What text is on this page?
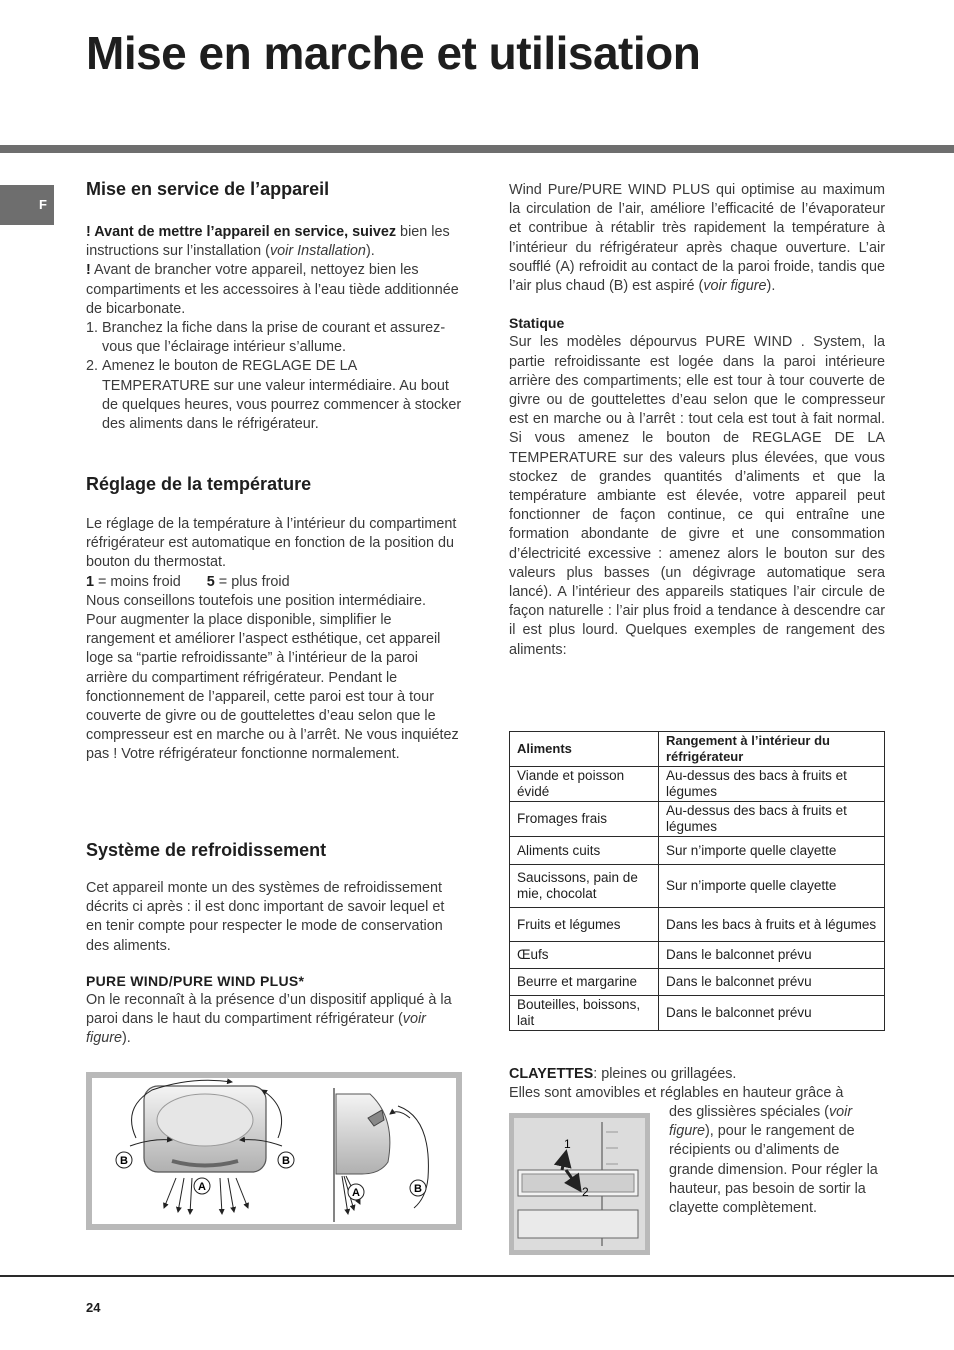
Mise en marche et utilisation
F
Mise en service de l’appareil

! Avant de mettre l’appareil en service, suivez bien les instructions sur l’installation (voir Installation).

! Avant de brancher votre appareil, nettoyez bien les compartiments et les accessoires à l’eau tiède additionnée de bicarbonate.

1. Branchez la fiche dans la prise de courant et assurez-vous que l’éclairage intérieur s’allume.
2. Amenez le bouton de REGLAGE DE LA TEMPERATURE sur une valeur intermédiaire. Au bout de quelques heures, vous pourrez commencer à stocker des aliments dans le réfrigérateur.
Réglage de la température

Le réglage de la température à l’intérieur du compartiment réfrigérateur est automatique en fonction de la position du bouton du thermostat.

1 = moins froid 5 = plus froid

Nous conseillons toutefois une position intermédiaire.

Pour augmenter la place disponible, simplifier le rangement et améliorer l’aspect esthétique, cet appareil loge sa “partie refroidissante” à l’intérieur de la paroi arrière du compartiment réfrigérateur. Pendant le fonctionnement de l’appareil, cette paroi est tour à tour couverte de givre ou de gouttelettes d’eau selon que le compresseur est en marche ou à l’arrêt. Ne vous inquiétez pas ! Votre réfrigérateur fonctionne normalement.

Système de refroidissement

Cet appareil monte un des systèmes de refroidissement décrits ci après : il est donc important de savoir lequel et en tenir compte pour respecter le mode de conservation des aliments.

PURE WIND/PURE WIND PLUS*

On le reconnaît à la présence d’un dispositif appliqué à la paroi dans le haut du compartiment réfrigérateur (voir figure).

B	B
A	A	B

Wind Pure/PURE WIND PLUS qui optimise au maximum la circulation de l’air, améliore l’efficacité de l’évaporateur et contribue à rétablir très rapidement la température à l’intérieur du réfrigérateur après chaque ouverture. L’air soufflé (A) refroidit au contact de la paroi froide, tandis que l’air plus chaud (B) est aspiré (voir figure).

Statique

Sur les modèles dépourvus PURE WIND . System, la partie refroidissante est logée dans la paroi intérieure arrière des compartiments; elle est tour à tour couverte de givre ou de gouttelettes d’eau selon que le compresseur est en marche ou à l’arrêt : tout cela est tout à fait normal. Si vous amenez le bouton de REGLAGE DE LA TEMPERATURE sur des valeurs plus élevées, que vous stockez de grandes quantités d’aliments et que la température ambiante est élevée, votre appareil peut fonctionner de façon continue, ce qui entraîne une formation abondante de givre et une consommation d’électricité excessive : amenez alors le bouton sur des valeurs plus basses (un dégivrage automatique sera lancé). A l’intérieur des appareils statiques l’air circule de façon naturelle : l’air plus froid a tendance à descendre car il est plus lourd. Quelques exemples de rangement des aliments:

Aliments	Rangement à l’intérieur du réfrigérateur
Viande et poisson évidé	Au-dessus des bacs à fruits et légumes
Fromages frais	Au-dessus des bacs à fruits et légumes
Aliments cuits	Sur n’importe quelle clayette
Saucissons, pain de mie, chocolat	Sur n’importe quelle clayette
Fruits et légumes	Dans les bacs à fruits et à légumes
Œufs	Dans le balconnet prévu
Beurre et margarine	Dans le balconnet prévu
Bouteilles, boissons, lait	Dans le balconnet prévu

CLAYETTES: pleines ou grillagées.

Elles sont amovibles et réglables en hauteur grâce à

des glissières spéciales (voir figure), pour le rangement de récipients ou d’aliments de grande dimension. Pour régler la hauteur, pas besoin de sortir la clayette complètement.

1
2
24
